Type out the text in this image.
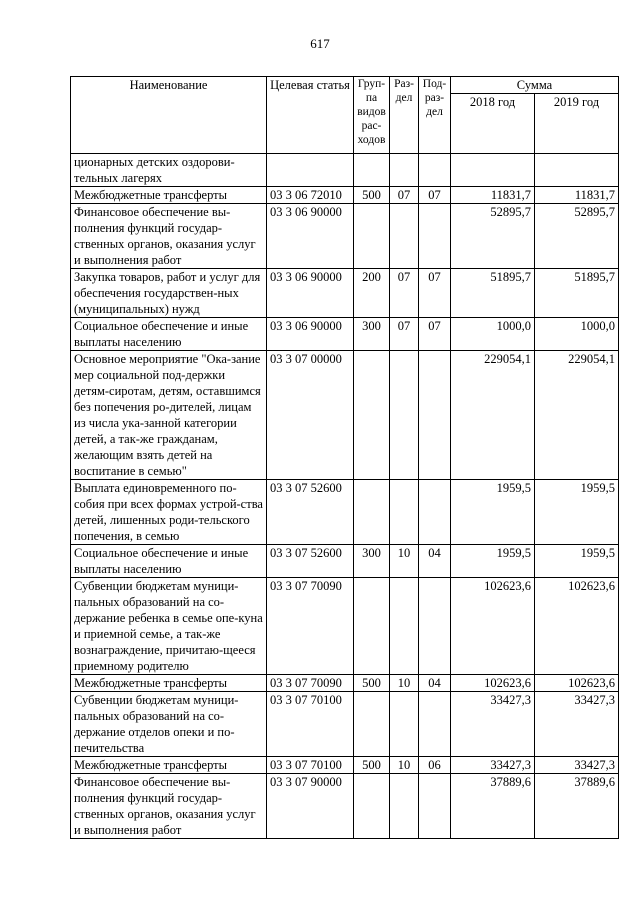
617
Наименование	Целевая статья	Груп-па видов рас-ходов	Раз-дел	Под-раз-дел	Сумма	
					2018 год	2019 год
ционарных детских оздорови-тельных лагерях						
Межбюджетные трансферты	03 3 06 72010	500	07	07	11831,7	11831,7
Финансовое обеспечение вы-полнения функций государ-ственных органов, оказания услуг и выполнения работ	03 3 06 90000				52895,7	52895,7
Закупка товаров, работ и услуг для обеспечения государствен-ных (муниципальных) нужд	03 3 06 90000	200	07	07	51895,7	51895,7
Социальное обеспечение и иные выплаты населению	03 3 06 90000	300	07	07	1000,0	1000,0
Основное мероприятие "Ока-зание мер социальной под-держки детям-сиротам, детям, оставшимся без попечения ро-дителей, лицам из числа ука-занной категории детей, а так-же гражданам, желающим взять детей на воспитание в семью"	03 3 07 00000				229054,1	229054,1
Выплата единовременного по-собия при всех формах устрой-ства детей, лишенных роди-тельского попечения, в семью	03 3 07 52600				1959,5	1959,5
Социальное обеспечение и иные выплаты населению	03 3 07 52600	300	10	04	1959,5	1959,5
Субвенции бюджетам муници-пальных образований на со-держание ребенка в семье опе-куна и приемной семье, а так-же вознаграждение, причитаю-щееся приемному родителю	03 3 07 70090				102623,6	102623,6
Межбюджетные трансферты	03 3 07 70090	500	10	04	102623,6	102623,6
Субвенции бюджетам муници-пальных образований на со-держание отделов опеки и по-печительства	03 3 07 70100				33427,3	33427,3
Межбюджетные трансферты	03 3 07 70100	500	10	06	33427,3	33427,3
Финансовое обеспечение вы-полнения функций государ-ственных органов, оказания услуг и выполнения работ	03 3 07 90000				37889,6	37889,6
